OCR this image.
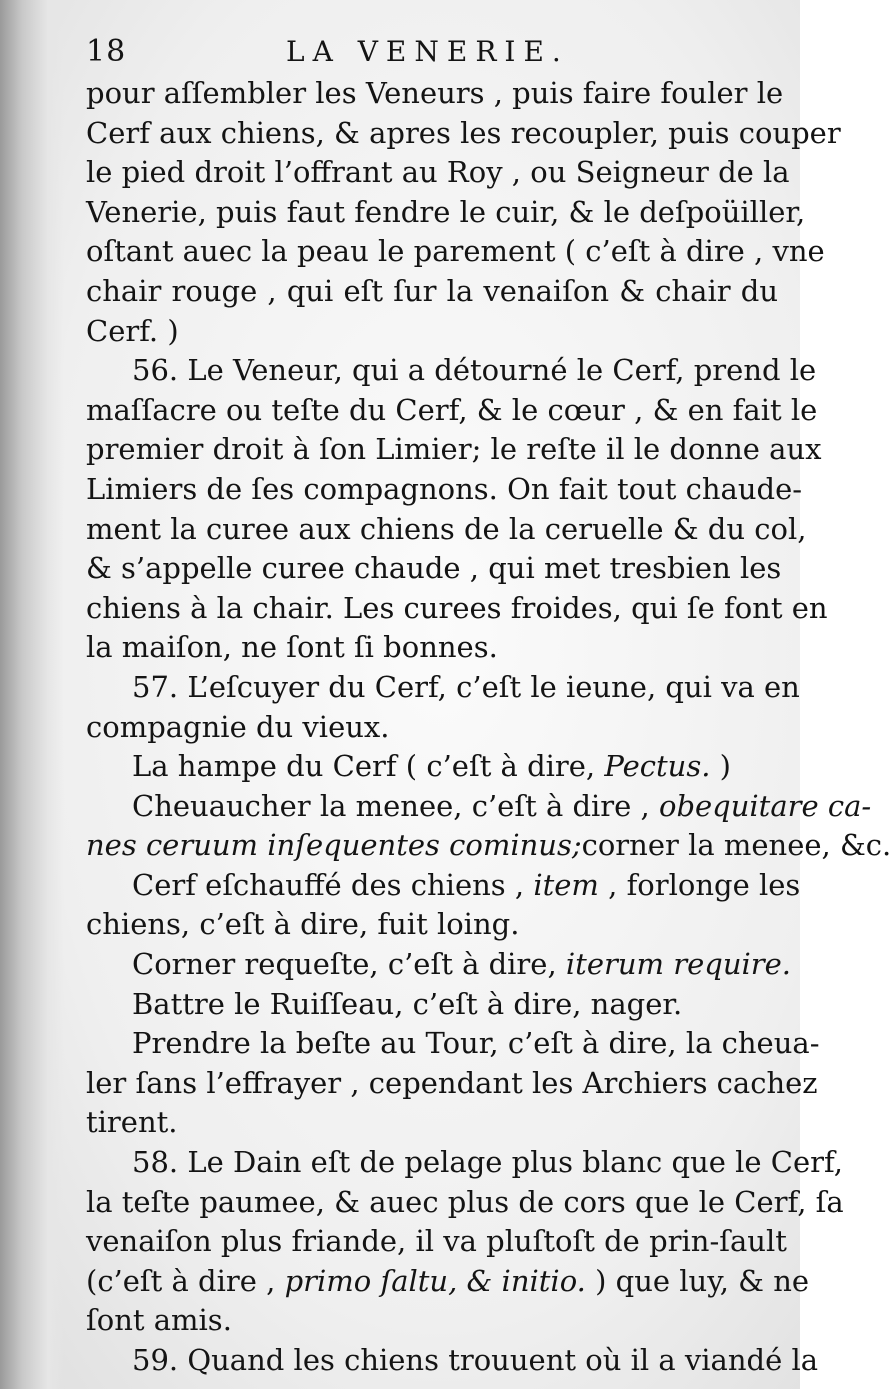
18	LA VENERIE.
pour aſſembler les Veneurs , puis faire fouler le
Cerf aux chiens, & apres les recoupler, puis couper
le pied droit l’offrant au Roy , ou Seigneur de la
Venerie, puis faut fendre le cuir, & le deſpoüiller,
oſtant auec la peau le parement ( c’eſt à dire , vne
chair rouge , qui eſt ſur la venaiſon & chair du
Cerf. )
56. Le Veneur, qui a détourné le Cerf, prend le
maſſacre ou teſte du Cerf, & le cœur , & en fait le
premier droit à ſon Limier; le reſte il le donne aux
Limiers de ſes compagnons. On fait tout chaude-
ment la curee aux chiens de la ceruelle & du col,
& s’appelle curee chaude , qui met tresbien les
chiens à la chair. Les curees froides, qui ſe font en
la maiſon, ne ſont ſi bonnes.
57. L’eſcuyer du Cerf, c’eſt le ieune, qui va en
compagnie du vieux.
La hampe du Cerf ( c’eſt à dire, Pectus. )
Cheuaucher la menee, c’eſt à dire , obequitare ca-
nes ceruum inſequentes cominus;corner la menee, &c.
Cerf eſchauffé des chiens , item , forlonge les
chiens, c’eſt à dire, fuit loing.
Corner requeſte, c’eſt à dire, iterum require.
Battre le Ruiſſeau, c’eſt à dire, nager.
Prendre la beſte au Tour, c’eſt à dire, la cheua-
ler ſans l’effrayer , cependant les Archiers cachez
tirent.
58. Le Dain eſt de pelage plus blanc que le Cerf,
la teſte paumee, & auec plus de cors que le Cerf, ſa
venaiſon plus friande, il va pluſtoſt de prin-ſault
(c’eſt à dire , primo ſaltu, & initio. ) que luy, & ne
ſont amis.
59. Quand les chiens trouuent où il a viandé la
